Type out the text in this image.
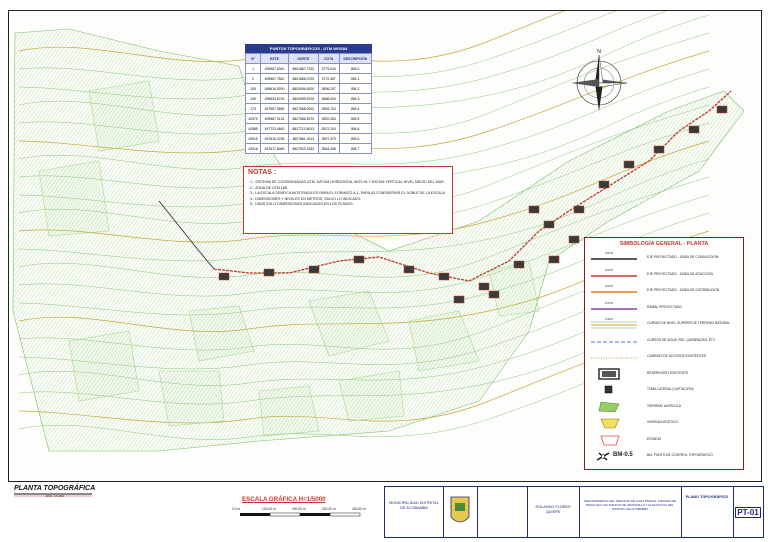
N
PUNTOS TOPOGRÁFICOS - UTM WGS84
N°	ESTE	NORTE	COTA	DESCRIPCIÓN
1	499567.6310	8601867.7310	3775.043	BM-0
2	499567.7810	8601866.0700	3772.467	BM-1
105	499616.5200	8603096.6200	3696.297	BM-2
149	499633.8740	8603099.8700	3686.053	BM-3
173	497557.9830	8627668.0910	3594.704	BM-4
42579	499587.0131	8627586.8370	3592.263	BM-5
42885	497723.4643	8627713.5013	3572.204	BM-6
42915	497616.2235	8627861.0113	3597.379	BM-6
42916	497617.6463	8627923.2333	3564.265	BM-7
NOTAS :
1.- SISTEMA DE COORDENADAS UTM, DATUM HORIZONTAL WGS 84 Y DATUM VERTICAL NIVEL MEDIO DEL MAR.
2.- ZONA DE UTM 18S.
3.- LA ESCALA GRÁFICA MOSTRADA ES PARA EL FORMATO A-1, PARA A3 CONSIDERAR EL DOBLE DE LA ESCALA.
4.- DIMENSIONES Y NIVELES EN METROS, SALVO LO INDICADO.
5.- USAR SOLO DIMENSIONES INDICADAS EN LOS PLANOS.
SIMBOLOGÍA GENERAL - PLANTA
3/4"Ø
EJE PROYECTADO - LÍNEA DE CONDUCCIÓN
3/4"Ø
EJE PROYECTADO - LÍNEA DE ADUCCIÓN
3/4"Ø
EJE PROYECTADO - LÍNEA DE DISTRIBUCIÓN
1/2"Ø
RAMAL PROYECTADO
3 000
CURVAS DE NIVEL SUPERFICIE TERRENO NATURAL
CURSOS DE AGUA, RÍO, QUEBRADAS, ETC
CAMINOS DE ACCESOS EXISTENTES
RESERVORIO EXISTENTE
TOMA LATERAL (CAPTACIÓN)
TERRENO AGRÍCOLA
VIVIENDA RUSTICO
ESTADIO
BM-0.5	BM. PUNTO DE CONTROL TOPOGRÁFICO
PLANTA TOPOGRÁFICA
ESC. 1:5,000	ESCALA GRÁFICA H=1/5000
0.0 m	100.00 m	200.00 m	300.00 m	400.00 m
MUNICIPALIDAD DISTRITAL DE ACOBAMBA	ROLANDO FLORES QUISPE
MEJORAMIENTO DEL SERVICIO DE AGUA PARA EL SISTEMA DE RIEGO EN LOS ANEXOS DE VENTANILLA Y HUANCAYOC DEL DISTRITO DE ACOBAMBA
PLANO TOPOGRÁFICO
PT-01
